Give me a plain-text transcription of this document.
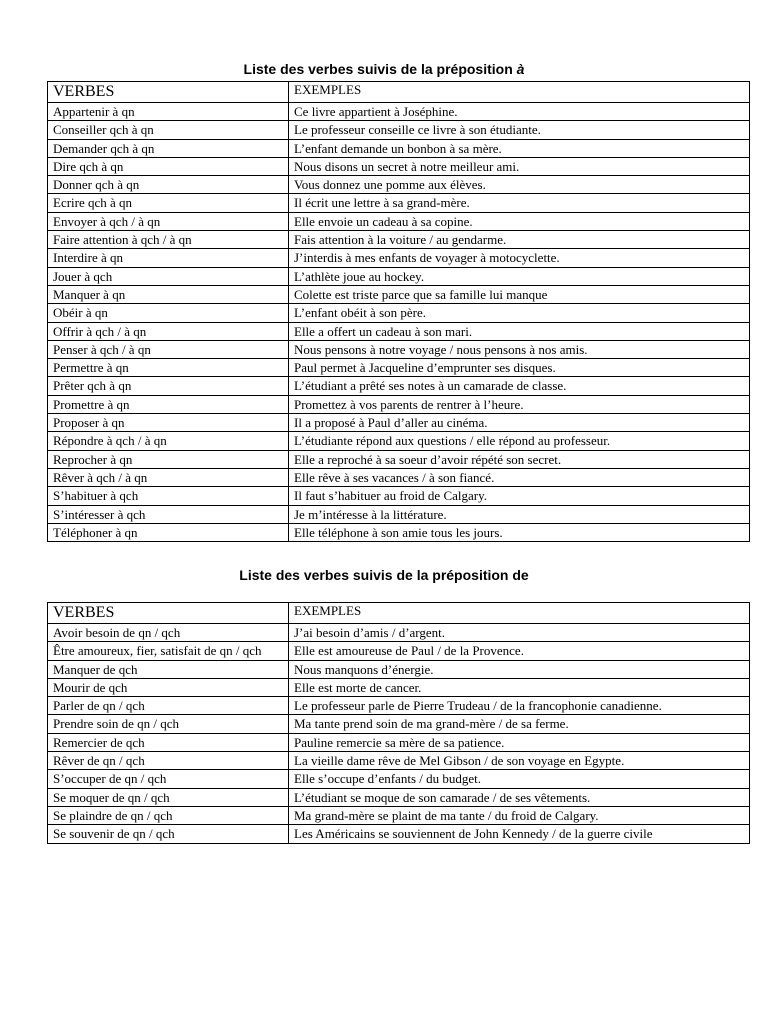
Liste des verbes suivis de la préposition à
VERBES	EXEMPLES
Appartenir à qn	Ce livre appartient à Joséphine.
Conseiller qch à qn	Le professeur conseille ce livre à son étudiante.
Demander qch à qn	L’enfant demande un bonbon à sa mère.
Dire qch à qn	Nous disons un secret à notre meilleur ami.
Donner qch à qn	Vous donnez une pomme aux élèves.
Ecrire qch à qn	Il écrit une lettre à sa grand-mère.
Envoyer à qch / à qn	Elle envoie un cadeau à sa copine.
Faire attention à qch / à qn	Fais attention à la voiture / au gendarme.
Interdire à qn	J’interdis à mes enfants de voyager à motocyclette.
Jouer à qch	L’athlète joue au hockey.
Manquer à qn	Colette est triste parce que sa famille lui manque
Obéir à qn	L’enfant obéit à son père.
Offrir à qch / à qn	Elle a offert un cadeau à son mari.
Penser à qch / à qn	Nous pensons à notre voyage / nous pensons à nos amis.
Permettre à qn	Paul permet à Jacqueline d’emprunter ses disques.
Prêter qch à qn	L’étudiant a prêté ses notes à un camarade de classe.
Promettre à qn	Promettez à vos parents de rentrer à l’heure.
Proposer à qn	Il a proposé à Paul d’aller au cinéma.
Répondre à qch / à qn	L’étudiante répond aux questions / elle répond au professeur.
Reprocher à qn	Elle a reproché à sa soeur d’avoir répété son secret.
Rêver à qch / à qn	Elle rêve à ses vacances / à son fiancé.
S’habituer à qch	Il faut s’habituer au froid de Calgary.
S’intéresser à qch	Je m’intéresse à la littérature.
Téléphoner à qn	Elle téléphone à son amie tous les jours.
Liste des verbes suivis de la préposition de
VERBES	EXEMPLES
Avoir besoin de qn / qch	J’ai besoin d’amis / d’argent.
Être amoureux, fier, satisfait de qn / qch	Elle est amoureuse de Paul / de la Provence.
Manquer de qch	Nous manquons d’énergie.
Mourir de qch	Elle est morte de cancer.
Parler de qn / qch	Le professeur parle de Pierre Trudeau / de la francophonie canadienne.
Prendre soin de qn / qch	Ma tante prend soin de ma grand-mère / de sa ferme.
Remercier de qch	Pauline remercie sa mère de sa patience.
Rêver de qn / qch	La vieille dame rêve de Mel Gibson / de son voyage en Egypte.
S’occuper de qn / qch	Elle s’occupe d’enfants / du budget.
Se moquer de qn / qch	L’étudiant se moque de son camarade / de ses vêtements.
Se plaindre de qn / qch	Ma grand-mère se plaint de ma tante / du froid de Calgary.
Se souvenir de qn / qch	Les Américains se souviennent de John Kennedy / de la guerre civile
